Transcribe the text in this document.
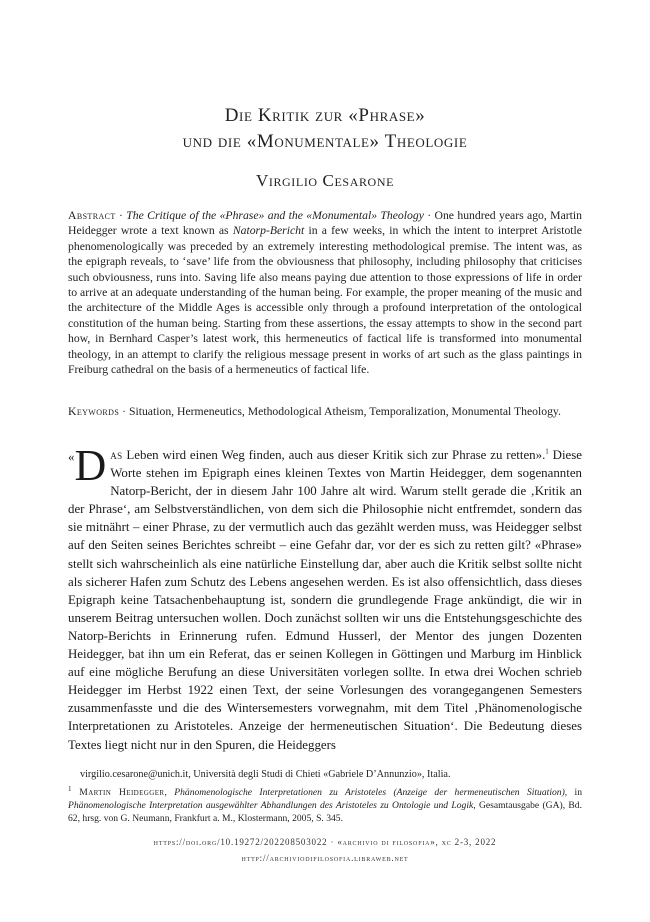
Die Kritik zur «Phrase»
und die «Monumentale» Theologie
Virgilio Cesarone
Abstract · The Critique of the «Phrase» and the «Monumental» Theology · One hundred years ago, Martin Heidegger wrote a text known as Natorp-Bericht in a few weeks, in which the intent to interpret Aristotle phenomenologically was preceded by an extremely interesting methodological premise. The intent was, as the epigraph reveals, to ‘save’ life from the obviousness that philosophy, including philosophy that criticises such obviousness, runs into. Saving life also means paying due attention to those expressions of life in order to arrive at an adequate understanding of the human being. For example, the proper meaning of the music and the architecture of the Middle Ages is accessible only through a profound interpretation of the ontological constitution of the human being. Starting from these assertions, the essay attempts to show in the second part how, in Bernhard Casper’s latest work, this hermeneutics of factical life is transformed into monumental theology, in an attempt to clarify the religious message present in works of art such as the glass paintings in Freiburg cathedral on the basis of a hermeneutics of factical life.
Keywords · Situation, Hermeneutics, Methodological Atheism, Temporalization, Monumental Theology.
« D as Leben wird einen Weg finden, auch aus dieser Kritik sich zur Phrase zu retten».$^1$ Diese Worte stehen im Epigraph eines kleinen Textes von Martin Heidegger, dem sogenannten Natorp-Bericht, der in diesem Jahr 100 Jahre alt wird. Warum stellt gerade die ‚Kritik an der Phrase‘, am Selbstverständlichen, von dem sich die Philosophie nicht entfremdet, sondern das sie mitnährt – einer Phrase, zu der vermutlich auch das gezählt werden muss, was Heidegger selbst auf den Seiten seines Berichtes schreibt – eine Gefahr dar, vor der es sich zu retten gilt? «Phrase» stellt sich wahrscheinlich als eine natürliche Einstellung dar, aber auch die Kritik selbst sollte nicht als sicherer Hafen zum Schutz des Lebens angesehen werden. Es ist also offensichtlich, dass dieses Epigraph keine Tatsachenbehauptung ist, sondern die grundlegende Frage ankündigt, die wir in unserem Beitrag untersuchen wollen. Doch zunächst sollten wir uns die Entstehungsgeschichte des Natorp-Berichts in Erinnerung rufen. Edmund Husserl, der Mentor des jungen Dozenten Heidegger, bat ihn um ein Referat, das er seinen Kollegen in Göttingen und Marburg im Hinblick auf eine mögliche Berufung an diese Universitäten vorlegen sollte. In etwa drei Wochen schrieb Heidegger im Herbst 1922 einen Text, der seine Vorlesungen des vorangegangenen Semesters zusammenfasste und die des Wintersemesters vorwegnahm, mit dem Titel ‚Phänomenologische Interpretationen zu Aristoteles. Anzeige der hermeneutischen Situation‘. Die Bedeutung dieses Textes liegt nicht nur in den Spuren, die Heideggers
virgilio.cesarone@unich.it, Università degli Studi di Chieti «Gabriele D’Annunzio», Italia.
$^1$ Martin Heidegger, Phänomenologische Interpretationen zu Aristoteles (Anzeige der hermeneutischen Situation), in Phänomenologische Interpretation ausgewählter Abhandlungen des Aristoteles zu Ontologie und Logik, Gesamtausgabe (GA), Bd. 62, hrsg. von G. Neumann, Frankfurt a. M., Klostermann, 2005, S. 345.
https://doi.org/10.19272/202208503022 · «archivio di filosofia», xc 2-3, 2022
http://archiviodifilosofia.libraweb.net
